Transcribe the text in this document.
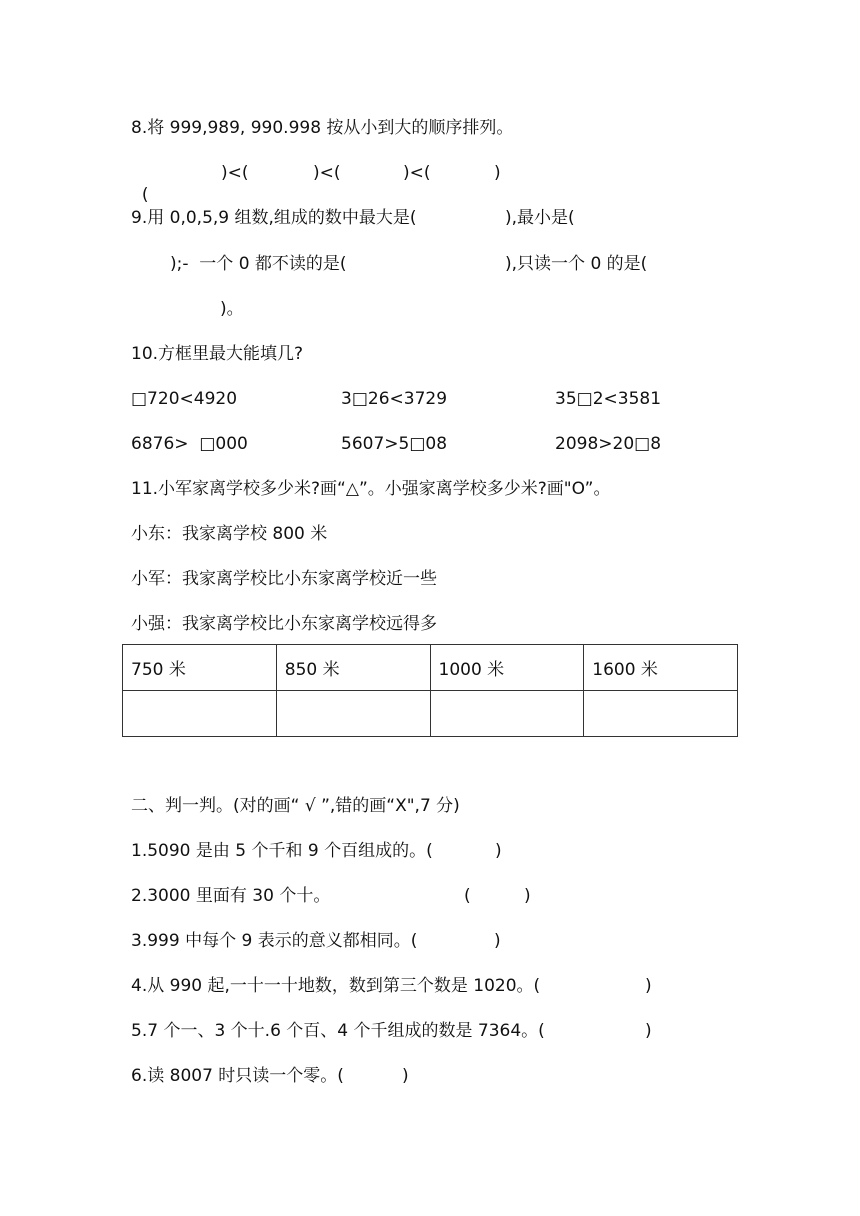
8.将 999,989, 990.998 按从小到大的顺序排列。

(

)<(	)<(	)<(	)
9.用 0,0,5,9 组数,组成的数中最大是(	),最小是(
);-  一个 0 都不读的是(	),只读一个 0 的是(
)。
10.方框里最大能填几?
□720<4920	3□26<3729	35□2<3581
6876>  □000	5607>5□08	2098>20□8
11.小军家离学校多少米?画“△”。小强家离学校多少米?画"O”。
小东：我家离学校 800 米
小军：我家离学校比小东家离学校近一些
小强：我家离学校比小东家离学校远得多
750 米	850 米	1000 米	1600 米

二、判一判。(对的画“ √ ”,错的画“X",7 分)
1.5090 是由 5 个千和 9 个百组成的。(	)
2.3000 里面有 30 个十。	(	)
3.999 中每个 9 表示的意义都相同。(	)
4.从 990 起,一十一十地数，数到第三个数是 1020。(	)
5.7 个一、3 个十.6 个百、4 个千组成的数是 7364。(	)
6.读 8007 时只读一个零。(	)
